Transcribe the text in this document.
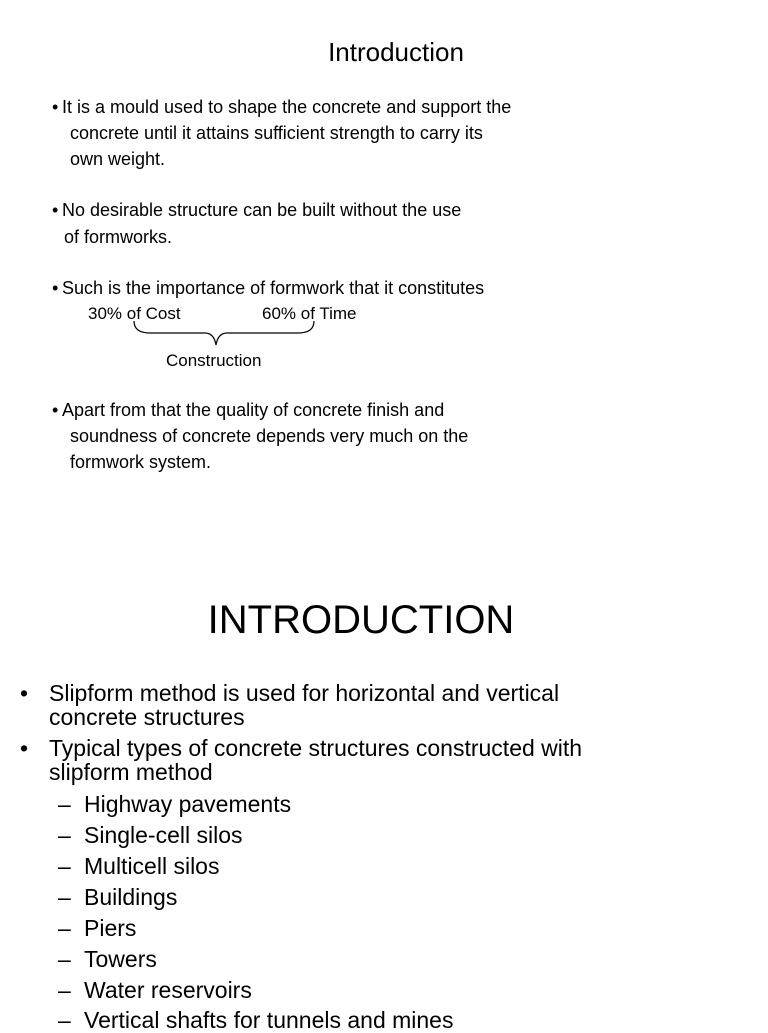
Introduction
• It is a mould used to shape the concrete and support the
concrete until it attains sufficient strength to carry its
own weight.
• No desirable structure can be built without the use
of formworks.
• Such is the importance of formwork that it constitutes
30% of Cost	60% of Time
Construction
• Apart from that the quality of concrete finish and
soundness of concrete depends very much on the
formwork system.
INTRODUCTION
• Slipform method is used for horizontal and vertical
concrete structures
• Typical types of concrete structures constructed with
slipform method
– Highway pavements
– Single-cell silos
– Multicell silos
– Buildings
– Piers
– Towers
– Water reservoirs
– Vertical shafts for tunnels and mines
